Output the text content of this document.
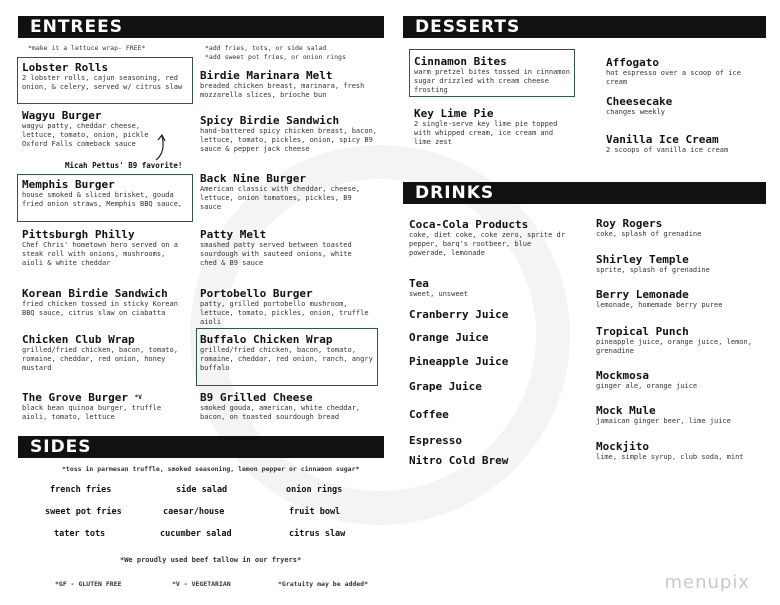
ENTREES
*make it a lettuce wrap- FREE*	*add fries, tots, or side salad
*add sweet pot fries, or onion rings
Lobster Rolls
2 lobster rolls, cajun seasoning, red onion, & celery, served w/ citrus slaw
Wagyu Burger
wagyu patty, cheddar cheese, lettuce, tomato, onion, pickle Oxford Falls comeback sauce
Micah Pettus' B9 favorite!
Memphis Burger
house smoked & sliced brisket, gouda fried onion straws, Memphis BBQ sauce,
Pittsburgh Philly
Chef Chris' hometown hero served on a steak roll with onions, mushrooms, aioli & white cheddar
Korean Birdie Sandwich
fried chicken tossed in sticky Korean BBQ sauce, citrus slaw on ciabatta
Chicken Club Wrap
grilled/fried chicken, bacon, tomato, romaine, cheddar, red onion, honey mustard
The Grove Burger $^{*V}$
black bean quinoa burger, truffle aioli, tomato, lettuce
Birdie Marinara Melt
breaded chicken breast, marinara, fresh mozzarella slices, brioche bun
Spicy Birdie Sandwich
hand-battered spicy chicken breast, bacon, lettuce, tomato, pickles, onion, spicy B9 sauce & pepper jack cheese
Back Nine Burger
American classic with cheddar, cheese, lettuce, onion tomatoes, pickles, B9 sauce
Patty Melt
smashed patty served between toasted sourdough with sauteed onions, white ched & B9 sauce
Portobello Burger
patty, grilled portobello mushroom, lettuce, tomato, pickles, onion, truffle aioli
Buffalo Chicken Wrap
grilled/fried chicken, bacon, tomato, romaine, cheddar, red onion, ranch, angry buffalo
B9 Grilled Cheese
smoked gouda, american, white cheddar, bacon, on toasted sourdough bread
SIDES
*toss in parmesan truffle, smoked seasoning, lemon pepper or cinnamon sugar*
french fries	side salad	onion rings
sweet pot fries	caesar/house	fruit bowl
tater tots	cucumber salad	citrus slaw
*We proudly used beef tallow in our fryers*
*GF - GLUTEN FREE	*V - VEGETARIAN	*Gratuity may be added*
DESSERTS
Cinnamon Bites
warm pretzel bites tossed in cinnamon sugar drizzled with cream cheese frosting
Key Lime Pie
2 single-serve key lime pie topped with whipped cream, ice cream and lime zest
Affogato
hot espresso over a scoop of ice cream
Cheesecake
changes weekly
Vanilla Ice Cream
2 scoops of vanilla ice cream
DRINKS
Coca-Cola Products
coke, diet coke, coke zero, sprite dr pepper, barq's rootbeer, blue powerade, lemonade
Tea
sweet, unsweet
Cranberry Juice
Orange Juice
Pineapple Juice
Grape Juice
Coffee
Espresso
Nitro Cold Brew
Roy Rogers
coke, splash of grenadine
Shirley Temple
sprite, splash of grenadine
Berry Lemonade
lemonade, homemade berry puree
Tropical Punch
pineapple juice, orange juice, lemon, grenadine
Mockmosa
ginger ale, orange juice
Mock Mule
jamaican ginger beer, lime juice
Mockjito
lime, simple syrup, club soda, mint
menupix
